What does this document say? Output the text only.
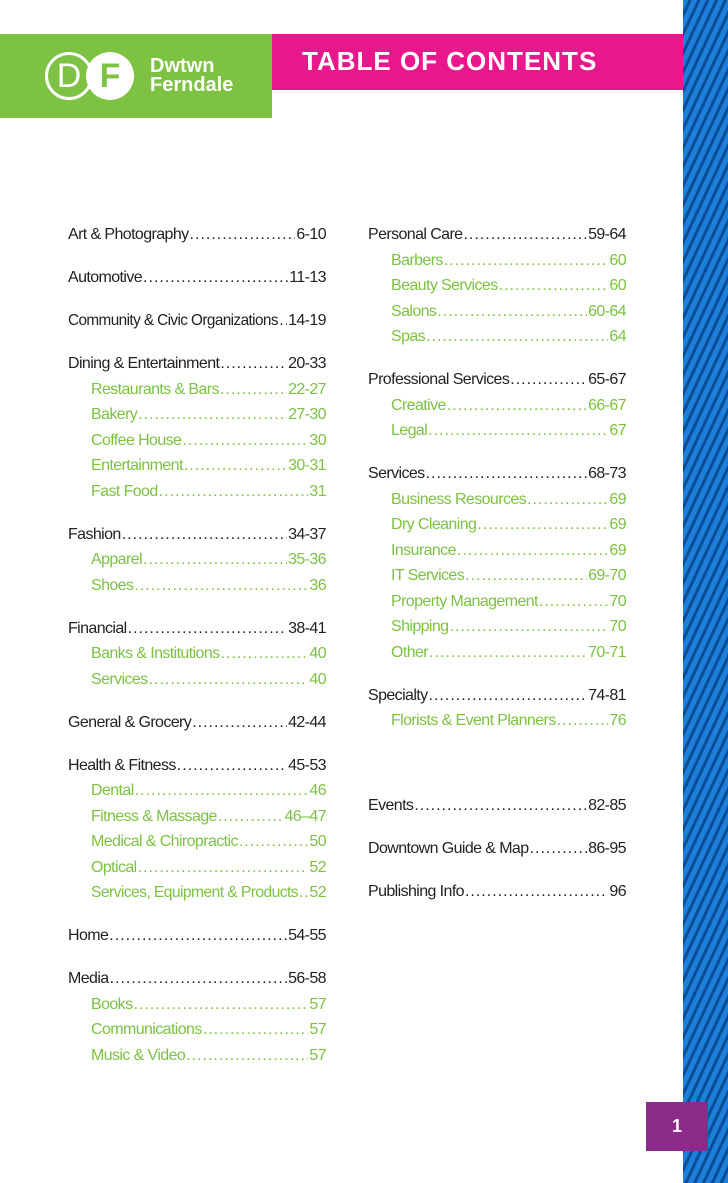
D F	Dwtwn
Ferndale
TABLE OF CONTENTS
Art & Photography .....	6-10
Automotive .....	11-13
Community & Civic Organizations ..... 14-19
Dining & Entertainment .....	20-33
Restaurants & Bars .....	22-27
Bakery .....	27-30
Coffee House .....	30
Entertainment .....	30-31
Fast Food .....	31
Fashion .....	34-37
Apparel .....	35-36
Shoes .....	36
Financial .....	38-41
Banks & Institutions .....	40
Services .....	40
General & Grocery .....	42-44
Health & Fitness .....	45-53
Dental .....	46
Fitness & Massage .....	46–47
Medical & Chiropractic .....	50
Optical .....	52
Services, Equipment & Products ..... 52
Home .....	54-55
Media .....	56-58
Books .....	57
Communications .....	57
Music & Video .....	57
Personal Care .....	59-64
Barbers .....	60
Beauty Services .....	60
Salons .....	60-64
Spas .....	64
Professional Services .....	65-67
Creative .....	66-67
Legal .....	67
Services .....	68-73
Business Resources .....	69
Dry Cleaning .....	69
Insurance .....	69
IT Services .....	69-70
Property Management .....	70
Shipping .....	70
Other .....	70-71
Specialty .....	74-81
Florists & Event Planners .....	76
Events .....	82-85
Downtown Guide & Map .....	86-95
Publishing Info .....	96
1
